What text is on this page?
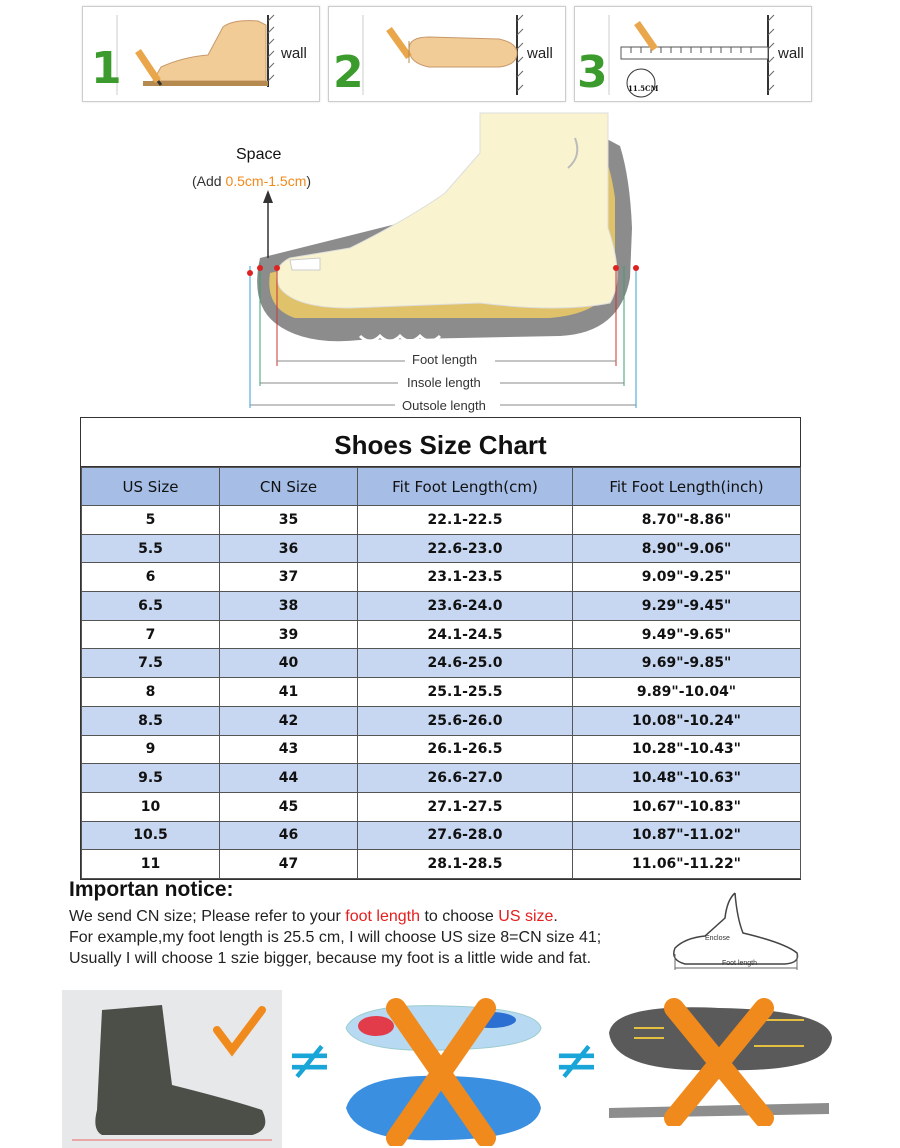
1	wall 2	wall 3	wall
11.5CM
Space
(Add 0.5cm-1.5cm)
Foot length
Insole length
Outsole length
Shoes Size Chart
US Size	CN Size	Fit Foot Length(cm)	Fit Foot Length(inch)
5	35	22.1-22.5	8.70"-8.86"
5.5	36	22.6-23.0	8.90"-9.06"
6	37	23.1-23.5	9.09"-9.25"
6.5	38	23.6-24.0	9.29"-9.45"
7	39	24.1-24.5	9.49"-9.65"
7.5	40	24.6-25.0	9.69"-9.85"
8	41	25.1-25.5	9.89"-10.04"
8.5	42	25.6-26.0	10.08"-10.24"
9	43	26.1-26.5	10.28"-10.43"
9.5	44	26.6-27.0	10.48"-10.63"
10	45	27.1-27.5	10.67"-10.83"
10.5	46	27.6-28.0	10.87"-11.02"
11	47	28.1-28.5	11.06"-11.22"
Importan notice:
We send CN size; Please refer to your foot length to choose US size.
For example,my foot length is 25.5 cm, I will choose US size 8=CN size 41;
Usually I will choose 1 szie bigger, because my foot is a little wide and fat.
Enclose
Foot length
≠	≠
